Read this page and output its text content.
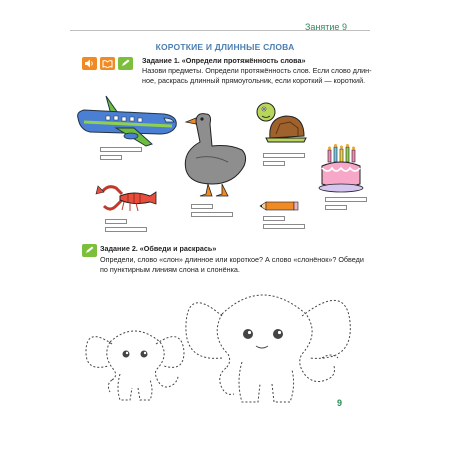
Занятие 9
КОРОТКИЕ И ДЛИННЫЕ СЛОВА
Задание 1. «Определи протяжённость слова»
Назови предметы. Определи протяжённость слов. Если слово длин-
ное, раскрась длинный прямоугольник, если короткий — короткий.
Задание 2. «Обведи и раскрась»
Определи, слово «слон» длинное или короткое? А слово «слонёнок»? Обведи
по пунктирным линиям слона и слонёнка.
9
